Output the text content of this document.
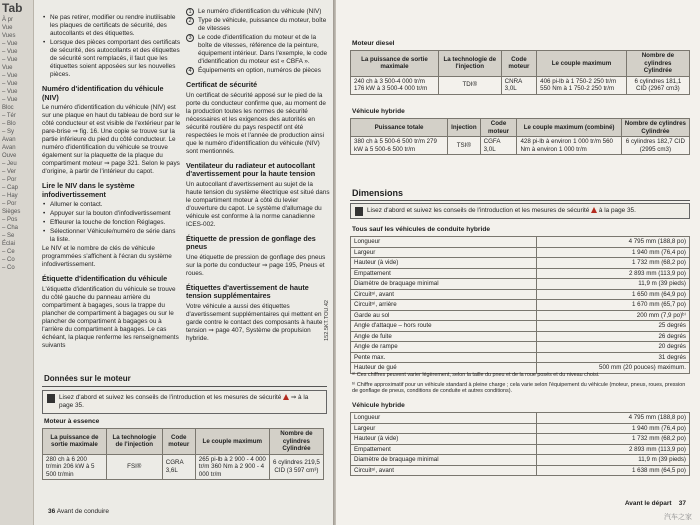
Tab
À pr
Vue
Vues
– Vue
– Vue
– Vue
Vue
– Vue
– Vue
– Vue
– Vue
Bloc
– Tér
– Blo
– Sy
Avan
Avan
Ouve
– Jeu
– Ver
– Por
– Cap
– Hay
– Por
Sièges
– Pos
– Cha
– Se
Éclai
– Ce
– Co
– Co
• Ne pas retirer, modifier ou rendre inutilisable les plaques de certificats de sécurité, des autocollants et des étiquettes.
• Lorsque des pièces comportant des certificats de sécurité, des autocollants et des étiquettes de sécurité sont remplacés, il faut que les étiquettes soient apposées sur les nouvelles pièces.
Numéro d'identification du véhicule (NIV)

Le numéro d'identification du véhicule (NIV) est sur une plaque en haut du tableau de bord sur le côté conducteur et est visible de l'extérieur par le pare-brise ⇒ fig. 16. Une copie se trouve sur la partie inférieure du pied du côté conducteur. Le numéro d'identification du véhicule se trouve également sur la plaquette de la plaque du compartiment moteur ⇒ page 321. Selon le pays d'origine, à partir de l'intérieur du capot.

Lire le NIV dans le système infodivertissement
• Allumer le contact.
• Appuyer sur la bouton d'infodivertissement
• Effleurer la touche de fonction Réglages.
• Sélectionner Véhicule/numéro de série dans la liste.

Le NIV et le nombre de clés de véhicule programmées s'affichent à l'écran du système infodivertissement.

Étiquette d'identification du véhicule

L'étiquette d'identification du véhicule se trouve du côté gauche du panneau arrière du compartiment à bagages, sous la trappe du plancher de compartiment à bagages ou sur le plancher de compartiment à bagages ou à l'arrière du compartiment à bagages. Le cas échéant, la plaque renferme les renseignements suivants

1	Le numéro d'identification du véhicule (NIV)
2	Type de véhicule, puissance du moteur, boîte de vitesses
3	Le code d'identification du moteur et de la boîte de vitesses, référence de la peinture, équipement intérieur. Dans l'exemple, le code d'identification du moteur est « CBFA ».
4	Équipements en option, numéros de pièces
Certificat de sécurité

Un certificat de sécurité apposé sur le pied de la porte du conducteur confirme que, au moment de la production toutes les normes de sécurité nécessaires et les exigences des autorités en sécurité routière du pays respectif ont été respectées le mois et l'année de production ainsi que le numéro d'identification du véhicule (NIV) sont mentionnés.

Ventilateur du radiateur et autocollant d'avertissement pour la haute tension

Un autocollant d'avertissement au sujet de la haute tension du système électrique est situé dans le compartiment moteur à côté du levier d'ouverture du capot. Le système d'allumage du véhicule est conforme à la norme canadienne ICES-002.

Étiquette de pression de gonflage des pneus

Une étiquette de pression de gonflage des pneus sur la porte du conducteur ⇒ page 195, Pneus et roues.

Étiquettes d'avertissement de haute tension supplémentaires

Votre véhicule a aussi des étiquettes d'avertissement supplémentaires qui mettent en garde contre le contact des composants à haute tension ⇒ page 407, Système de propulsion hybride.

Données sur le moteur
Lisez d'abord et suivez les conseils de l'introduction et les mesures de sécurité ⇒ à la page 35.
Moteur à essence
La puissance de sortie maximale	La technologie de l'injection	Code moteur	Le couple maximum	Nombre de cylindres Cylindrée
280 ch à 6 200 tr/min 206 kW à 5 500 tr/min	FSI®	CGRA 3,6L	265 pi-lb à 2 900 - 4 000 tr/m 360 Nm à 2 900 - 4 000 tr/m	6 cylindres 219,5 CID (3 597 cm³)
152.5KT.TOU.42
36 Avant de conduire
Moteur diesel
La puissance de sortie maximale	La technologie de l'injection	Code moteur	Le couple maximum	Nombre de cylindres Cylindrée
240 ch à 3 500-4 000 tr/m 176 kW à 3 500-4 000 tr/m	TDI®	CNRA 3,0L	406 pi-lb à 1 750-2 250 tr/m 550 Nm à 1 750-2 250 tr/m	6 cylindres 181,1 CID (2967 cm3)
Véhicule hybride
Puissance totale	Injection	Code moteur	Le couple maximum (combiné)	Nombre de cylindres Cylindrée
380 ch à 5 500-6 500 tr/m 279 kW à 5 500-6 500 tr/m	TSI®	CGFA 3,0L	428 pi-lb à environ 1 000 tr/m 560 Nm à environ 1 000 tr/m	6 cylindres 182,7 CID (2995 cm3)
Dimensions
Lisez d'abord et suivez les conseils de l'introduction et les mesures de sécurité à la page 35.
Tous sauf les véhicules de conduite hybride
Longueur	4 795 mm (188,8 po)
Largeur	1 940 mm (76,4 po)
Hauteur (à vide)	1 732 mm (68,2 po)
Empattement	2 893 mm (113,9 po)
Diamètre de braquage minimal	11,9 m (39 pieds)
Circuitᵃ⁾, avant	1 650 mm (64,9 po)
Circuitᵃ⁾, arrière	1 670 mm (65,7 po)
Garde au sol	200 mm (7,9 po)ᵇ⁾
Angle d'attaque – hors route	25 degrés
Angle de fuite	26 degrés
Angle de rampe	20 degrés
Pente max.	31 degrés
Hauteur de gué	500 mm (20 pouces) maximum.

ᵃ⁾ Ces chiffres peuvent varier légèrement, selon la taille du pneu et de la roue posés et du niveau choisi.

ᵇ⁾ Chiffre approximatif pour un véhicule standard à pleine charge ; cela varie selon l'équipement du véhicule (moteur, pneus, roues, pression de gonflage de pneus, conditions de conduite et autres conditions).

Véhicule hybride
Longueur	4 795 mm (188,8 po)
Largeur	1 940 mm (76,4 po)
Hauteur (à vide)	1 732 mm (68,2 po)
Empattement	2 893 mm (113,9 po)
Diamètre de braquage minimal	11,9 m (39 pieds)
Circuitᵃ⁾, avant	1 638 mm (64,5 po)
Avant le départ 37
汽车之家
